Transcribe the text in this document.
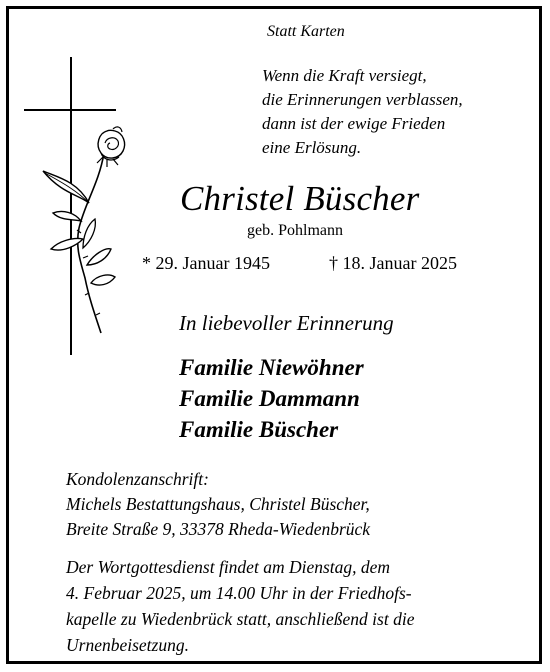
Statt Karten
Wenn die Kraft versiegt,
die Erinnerungen verblassen,
dann ist der ewige Frieden
eine Erlösung.
Christel Büscher
geb. Pohlmann
* 29. Januar 1945	† 18. Januar 2025
In liebevoller Erinnerung
Familie Niewöhner
Familie Dammann
Familie Büscher
Kondolenzanschrift:
Michels Bestattungshaus, Christel Büscher,
Breite Straße 9, 33378 Rheda-Wiedenbrück
Der Wortgottesdienst findet am Dienstag, dem
4. Februar 2025, um 14.00 Uhr in der Friedhofs-
kapelle zu Wiedenbrück statt, anschließend ist die
Urnenbeisetzung.
